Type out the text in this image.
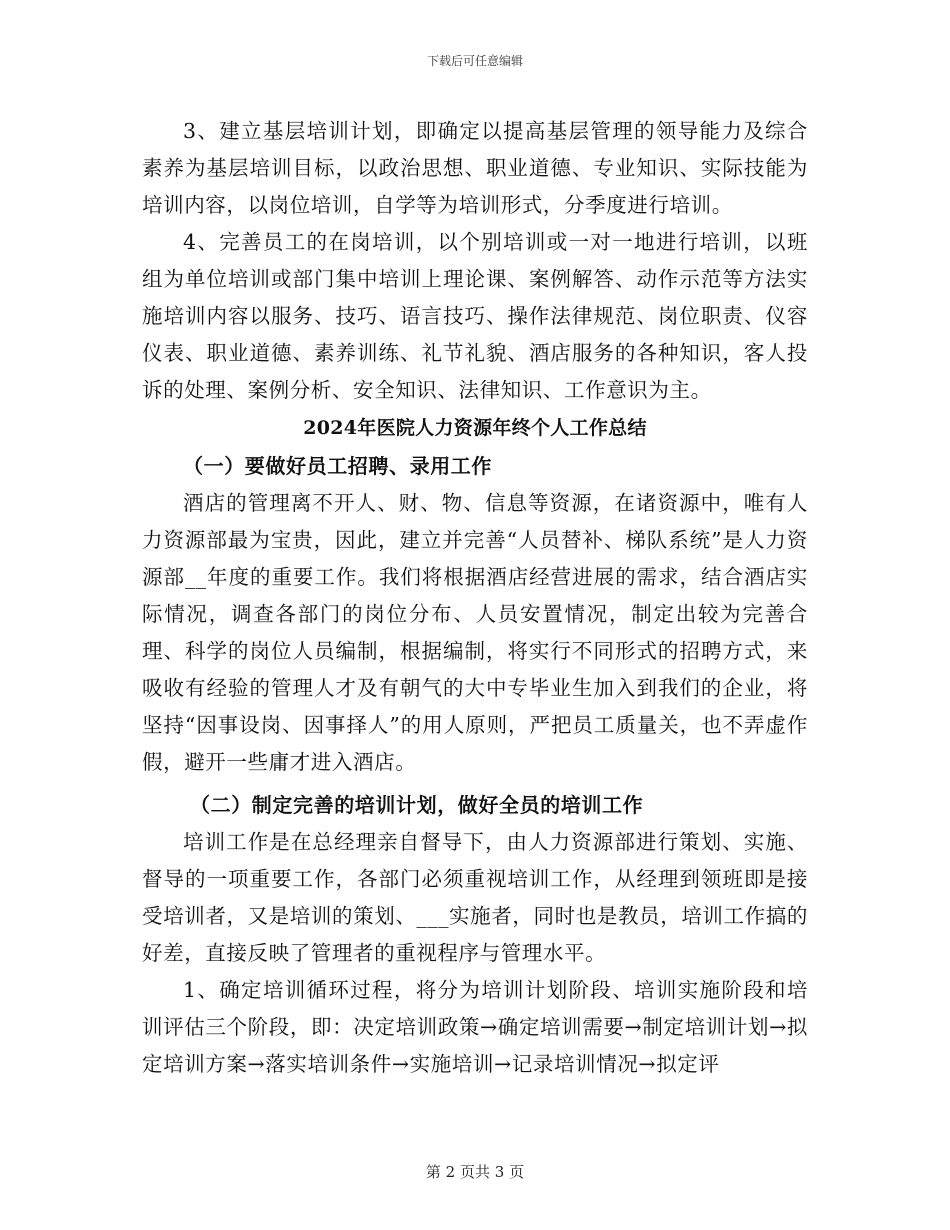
下载后可任意编辑

3、建立基层培训计划，即确定以提高基层管理的领导能力及综合素养为基层培训目标，以政治思想、职业道德、专业知识、实际技能为培训内容，以岗位培训，自学等为培训形式，分季度进行培训。

4、完善员工的在岗培训，以个别培训或一对一地进行培训，以班组为单位培训或部门集中培训上理论课、案例解答、动作示范等方法实施培训内容以服务、技巧、语言技巧、操作法律规范、岗位职责、仪容仪表、职业道德、素养训练、礼节礼貌、酒店服务的各种知识，客人投诉的处理、案例分析、安全知识、法律知识、工作意识为主。

2024年医院人力资源年终个人工作总结
（一）要做好员工招聘、录用工作

酒店的管理离不开人、财、物、信息等资源，在诸资源中，唯有人力资源部最为宝贵，因此，建立并完善“人员替补、梯队系统”是人力资源部__年度的重要工作。我们将根据酒店经营进展的需求，结合酒店实际情况，调查各部门的岗位分布、人员安置情况，制定出较为完善合理、科学的岗位人员编制，根据编制，将实行不同形式的招聘方式，来吸收有经验的管理人才及有朝气的大中专毕业生加入到我们的企业，将坚持“因事设岗、因事择人”的用人原则，严把员工质量关，也不弄虚作假，避开一些庸才进入酒店。

（二）制定完善的培训计划，做好全员的培训工作

培训工作是在总经理亲自督导下，由人力资源部进行策划、实施、督导的一项重要工作，各部门必须重视培训工作，从经理到领班即是接受培训者，又是培训的策划、___实施者，同时也是教员，培训工作搞的好差，直接反映了管理者的重视程序与管理水平。

1、确定培训循环过程，将分为培训计划阶段、培训实施阶段和培训评估三个阶段，即：决定培训政策→确定培训需要→制定培训计划→拟定培训方案→落实培训条件→实施培训→记录培训情况→拟定评

第 2 页共 3 页
